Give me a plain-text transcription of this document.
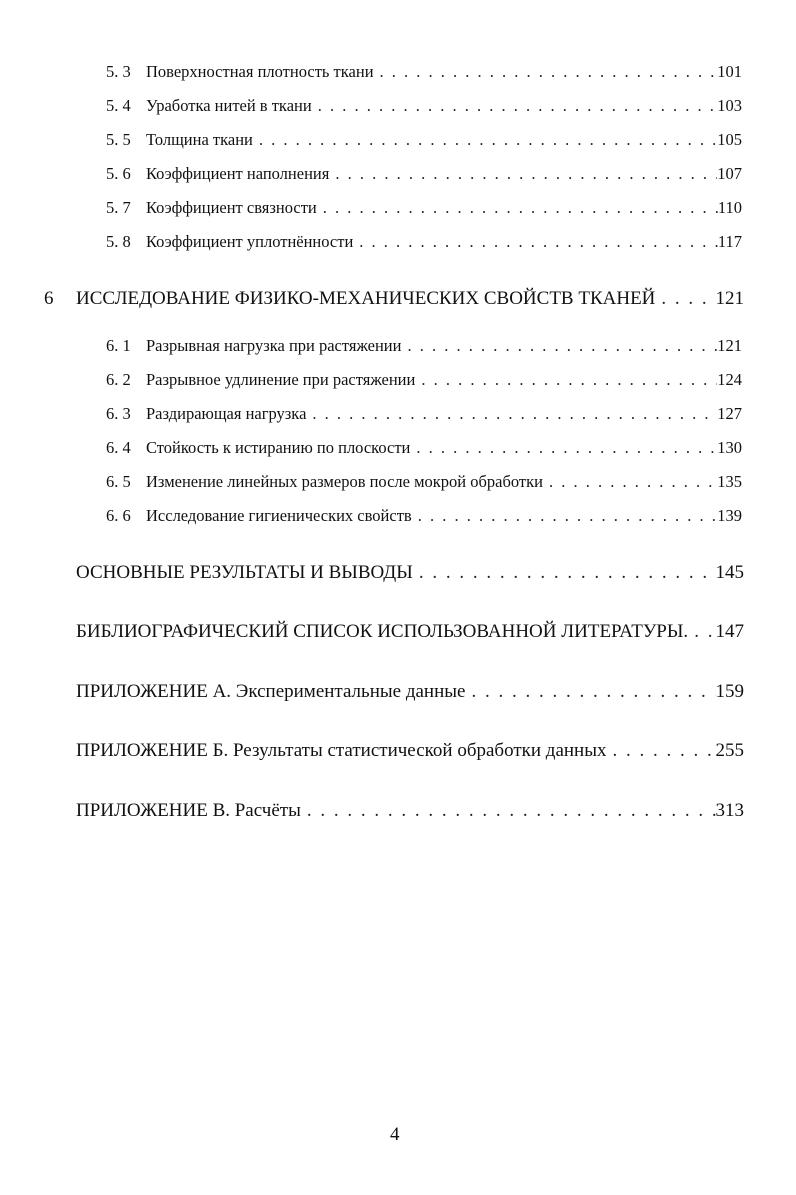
5. 3 Поверхностная плотность ткани . . .	101
5. 4 Уработка нитей в ткани . . .	103
5. 5 Толщина ткани . . .	105
5. 6 Коэффициент наполнения . . .	107
5. 7 Коэффициент связности . . .	110
5. 8 Коэффициент уплотнённости . . .	117
6 ИССЛЕДОВАНИЕ ФИЗИКО-МЕХАНИЧЕСКИХ СВОЙСТВ ТКАНЕЙ . . .	121
6. 1 Разрывная нагрузка при растяжении . . .	121
6. 2 Разрывное удлинение при растяжении . . .	124
6. 3 Раздирающая нагрузка . . .	127
6. 4 Стойкость к истиранию по плоскости . . .	130
6. 5 Изменение линейных размеров после мокрой обработки . . .	135
6. 6 Исследование гигиенических свойств . . .	139
ОСНОВНЫЕ РЕЗУЛЬТАТЫ И ВЫВОДЫ . . .	145
БИБЛИОГРАФИЧЕСКИЙ СПИСОК ИСПОЛЬЗОВАННОЙ ЛИТЕРАТУРЫ. . . . 147
ПРИЛОЖЕНИЕ А. Экспериментальные данные . . .	159
ПРИЛОЖЕНИЕ Б. Результаты статистической обработки данных . . .	255
ПРИЛОЖЕНИЕ В. Расчёты . . .	313
4
